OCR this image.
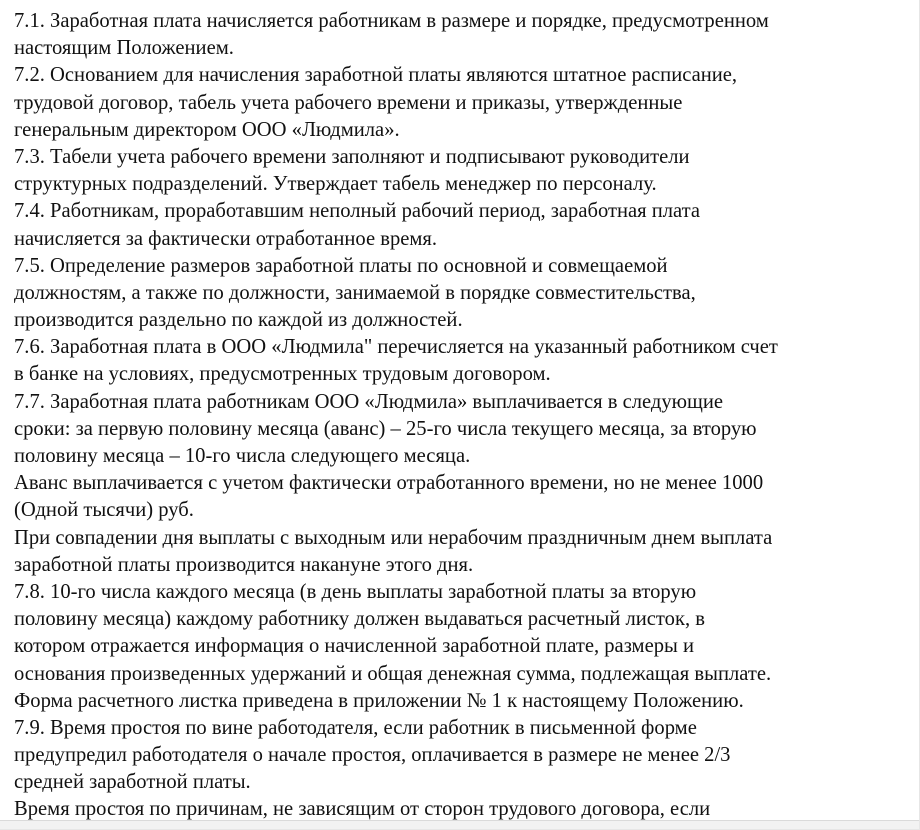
7.1. Заработная плата начисляется работникам в размере и порядке, предусмотренном
настоящим Положением.
7.2. Основанием для начисления заработной платы являются штатное расписание,
трудовой договор, табель учета рабочего времени и приказы, утвержденные
генеральным директором ООО «Людмила».
7.3. Табели учета рабочего времени заполняют и подписывают руководители
структурных подразделений. Утверждает табель менеджер по персоналу.
7.4. Работникам, проработавшим неполный рабочий период, заработная плата
начисляется за фактически отработанное время.
7.5. Определение размеров заработной платы по основной и совмещаемой
должностям, а также по должности, занимаемой в порядке совместительства,
производится раздельно по каждой из должностей.
7.6. Заработная плата в ООО «Людмила" перечисляется на указанный работником счет
в банке на условиях, предусмотренных трудовым договором.
7.7. Заработная плата работникам ООО «Людмила» выплачивается в следующие
сроки: за первую половину месяца (аванс) – 25-го числа текущего месяца, за вторую
половину месяца – 10-го числа следующего месяца.
Аванс выплачивается с учетом фактически отработанного времени, но не менее 1000
(Одной тысячи) руб.
При совпадении дня выплаты с выходным или нерабочим праздничным днем выплата
заработной платы производится накануне этого дня.
7.8. 10-го числа каждого месяца (в день выплаты заработной платы за вторую
половину месяца) каждому работнику должен выдаваться расчетный листок, в
котором отражается информация о начисленной заработной плате, размеры и
основания произведенных удержаний и общая денежная сумма, подлежащая выплате.
Форма расчетного листка приведена в приложении № 1 к настоящему Положению.
7.9. Время простоя по вине работодателя, если работник в письменной форме
предупредил работодателя о начале простоя, оплачивается в размере не менее 2/3
средней заработной платы.
Время простоя по причинам, не зависящим от сторон трудового договора, если
